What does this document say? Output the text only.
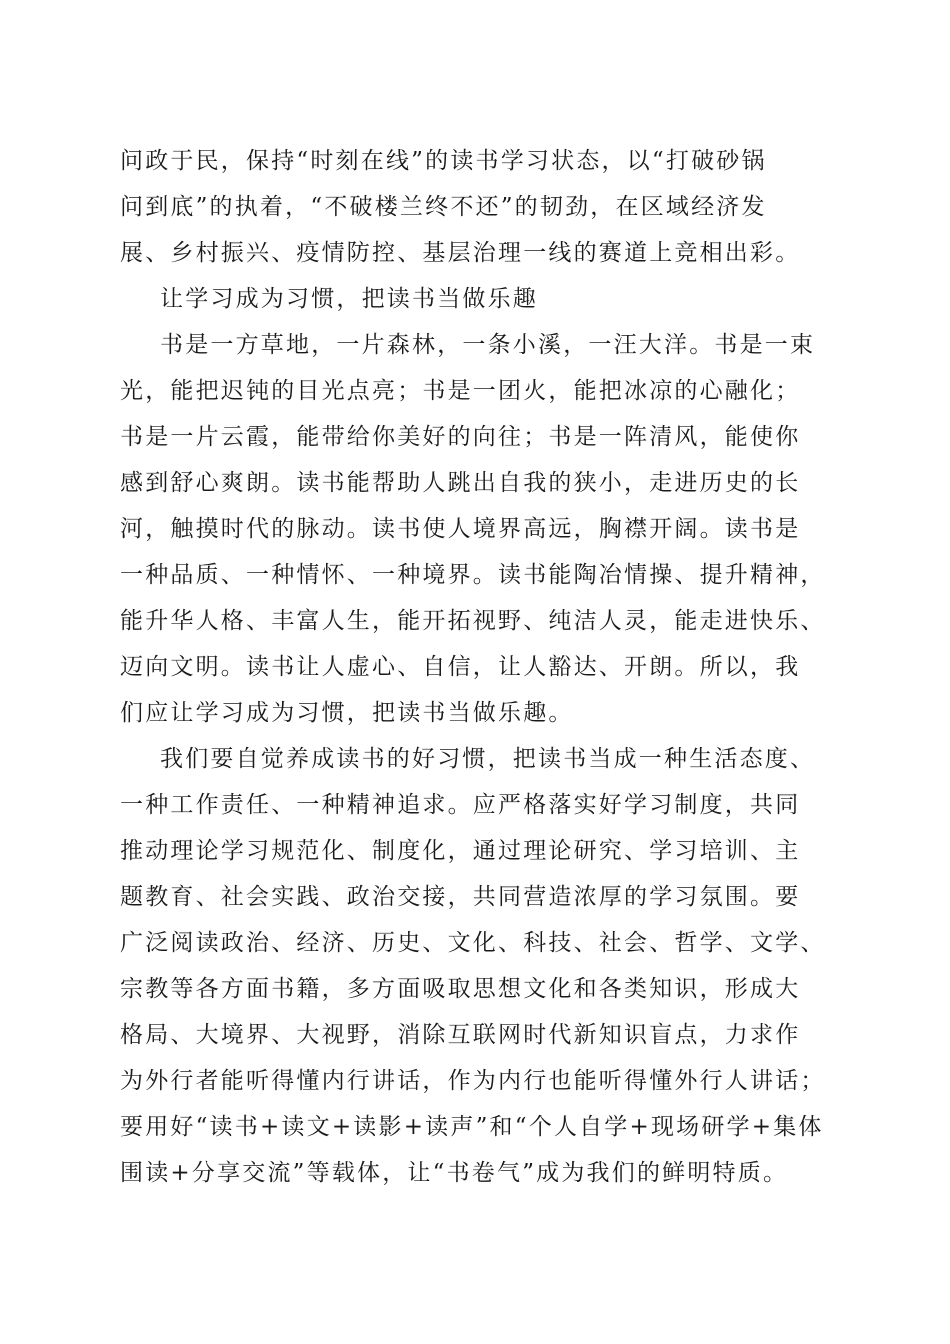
问政于民，保持“时刻在线”的读书学习状态，以“打破砂锅
问到底”的执着，“不破楼兰终不还”的韧劲，在区域经济发
展、乡村振兴、疫情防控、基层治理一线的赛道上竞相出彩。
让学习成为习惯，把读书当做乐趣
书是一方草地，一片森林，一条小溪，一汪大洋。书是一束
光，能把迟钝的目光点亮；书是一团火，能把冰凉的心融化；
书是一片云霞，能带给你美好的向往；书是一阵清风，能使你
感到舒心爽朗。读书能帮助人跳出自我的狭小，走进历史的长
河，触摸时代的脉动。读书使人境界高远，胸襟开阔。读书是
一种品质、一种情怀、一种境界。读书能陶冶情操、提升精神，
能升华人格、丰富人生，能开拓视野、纯洁人灵，能走进快乐、
迈向文明。读书让人虚心、自信，让人豁达、开朗。所以，我
们应让学习成为习惯，把读书当做乐趣。
我们要自觉养成读书的好习惯，把读书当成一种生活态度、
一种工作责任、一种精神追求。应严格落实好学习制度，共同
推动理论学习规范化、制度化，通过理论研究、学习培训、主
题教育、社会实践、政治交接，共同营造浓厚的学习氛围。要
广泛阅读政治、经济、历史、文化、科技、社会、哲学、文学、
宗教等各方面书籍，多方面吸取思想文化和各类知识，形成大
格局、大境界、大视野，消除互联网时代新知识盲点，力求作
为外行者能听得懂内行讲话，作为内行也能听得懂外行人讲话；
要用好“读书+读文+读影+读声”和“个人自学+现场研学+集体
围读+分享交流”等载体，让“书卷气”成为我们的鲜明特质。
